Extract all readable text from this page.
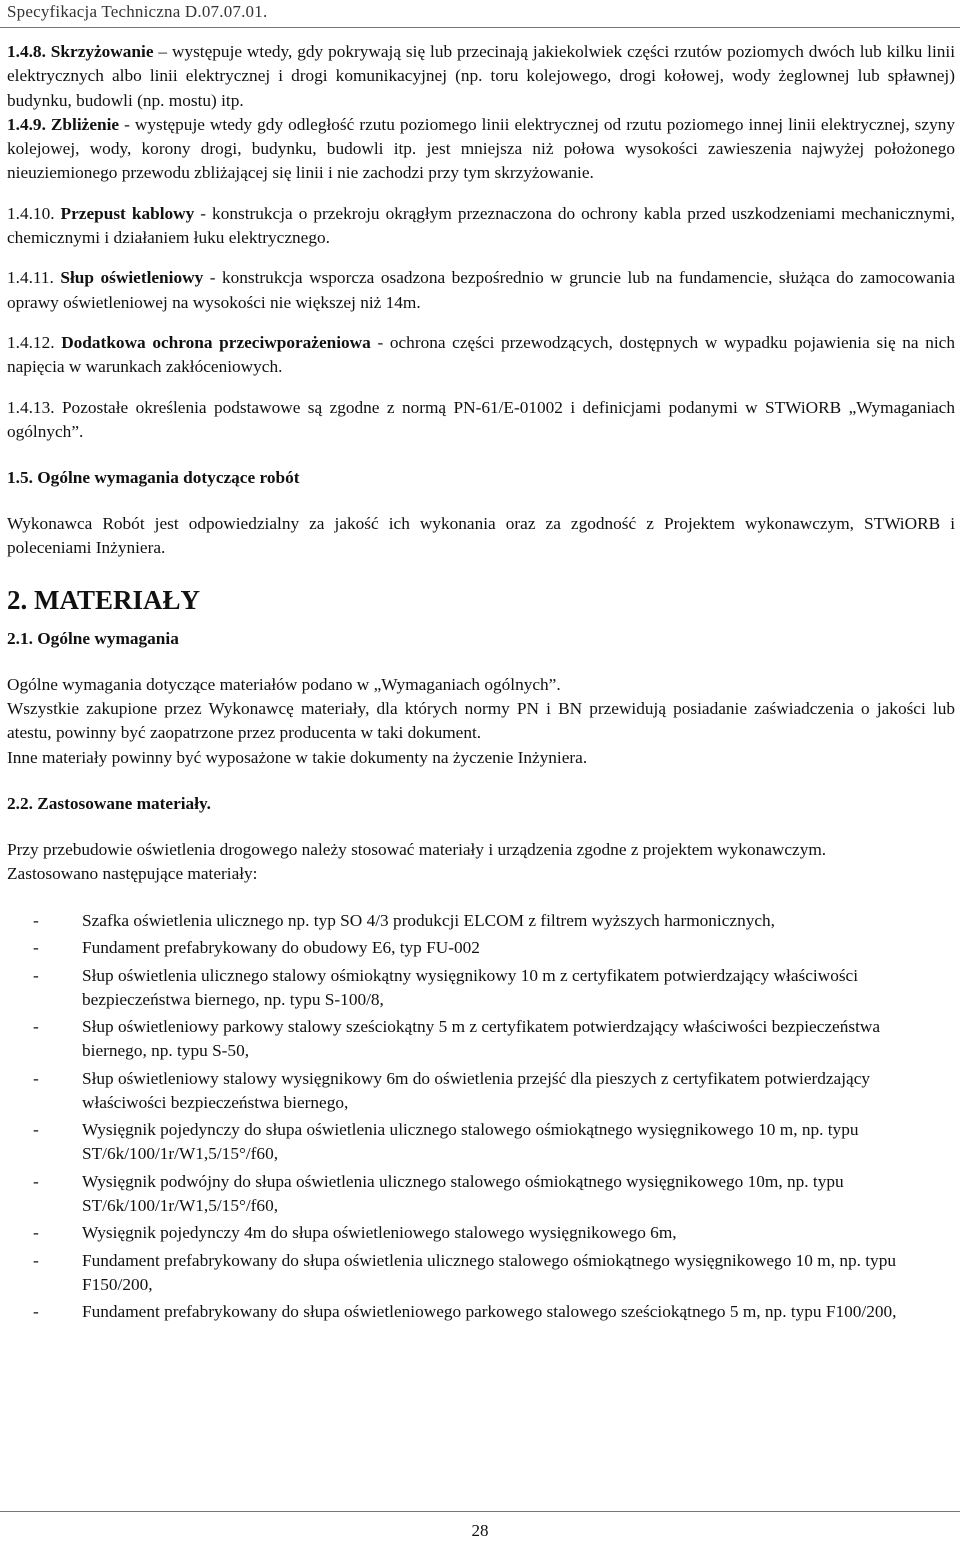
Specyfikacja Techniczna D.07.07.01.

1.4.8. Skrzyżowanie – występuje wtedy, gdy pokrywają się lub przecinają jakiekolwiek części rzutów poziomych dwóch lub kilku linii elektrycznych albo linii elektrycznej i drogi komunikacyjnej (np. toru kolejowego, drogi kołowej, wody żeglownej lub spławnej) budynku, budowli (np. mostu) itp.

1.4.9. Zbliżenie - występuje wtedy gdy odległość rzutu poziomego linii elektrycznej od rzutu poziomego innej linii elektrycznej, szyny kolejowej, wody, korony drogi, budynku, budowli itp. jest mniejsza niż połowa wysokości zawieszenia najwyżej położonego nieuziemionego przewodu zbliżającej się linii i nie zachodzi przy tym skrzyżowanie.

1.4.10. Przepust kablowy - konstrukcja o przekroju okrągłym przeznaczona do ochrony kabla przed uszkodzeniami mechanicznymi, chemicznymi i działaniem łuku elektrycznego.

1.4.11. Słup oświetleniowy - konstrukcja wsporcza osadzona bezpośrednio w gruncie lub na fundamencie, służąca do zamocowania oprawy oświetleniowej na wysokości nie większej niż 14m.

1.4.12. Dodatkowa ochrona przeciwporażeniowa - ochrona części przewodzących, dostępnych w wypadku pojawienia się na nich napięcia w warunkach zakłóceniowych.

1.4.13. Pozostałe określenia podstawowe są zgodne z normą PN-61/E-01002 i definicjami podanymi w STWiORB „Wymaganiach ogólnych”.

1.5. Ogólne wymagania dotyczące robót

Wykonawca Robót jest odpowiedzialny za jakość ich wykonania oraz za zgodność z Projektem wykonawczym, STWiORB i poleceniami Inżyniera.

2. MATERIAŁY
2.1. Ogólne wymagania

Ogólne wymagania dotyczące materiałów podano w „Wymaganiach ogólnych”.

Wszystkie zakupione przez Wykonawcę materiały, dla których normy PN i BN przewidują posiadanie zaświadczenia o jakości lub atestu, powinny być zaopatrzone przez producenta w taki dokument.

Inne materiały powinny być wyposażone w takie dokumenty na życzenie Inżyniera.

2.2. Zastosowane materiały.

Przy przebudowie oświetlenia drogowego należy stosować materiały i urządzenia zgodne z projektem wykonawczym.

Zastosowano następujące materiały:

- Szafka oświetlenia ulicznego np. typ SO 4/3 produkcji ELCOM z filtrem wyższych harmonicznych,
- Fundament prefabrykowany do obudowy E6, typ FU-002
- Słup oświetlenia ulicznego stalowy ośmiokątny wysięgnikowy 10 m z certyfikatem potwierdzający właściwości bezpieczeństwa biernego, np. typu S-100/8,
- Słup oświetleniowy parkowy stalowy sześciokątny 5 m z certyfikatem potwierdzający właściwości bezpieczeństwa biernego, np. typu S-50,
- Słup oświetleniowy stalowy wysięgnikowy 6m do oświetlenia przejść dla pieszych z certyfikatem potwierdzający właściwości bezpieczeństwa biernego,
- Wysięgnik pojedynczy do słupa oświetlenia ulicznego stalowego ośmiokątnego wysięgnikowego 10 m, np. typu ST/6k/100/1r/W1,5/15°/f60,
- Wysięgnik podwójny do słupa oświetlenia ulicznego stalowego ośmiokątnego wysięgnikowego 10m, np. typu ST/6k/100/1r/W1,5/15°/f60,
- Wysięgnik pojedynczy 4m do słupa oświetleniowego stalowego wysięgnikowego 6m,
- Fundament prefabrykowany do słupa oświetlenia ulicznego stalowego ośmiokątnego wysięgnikowego 10 m, np. typu F150/200,
- Fundament prefabrykowany do słupa oświetleniowego parkowego stalowego sześciokątnego 5 m, np. typu F100/200,
28
